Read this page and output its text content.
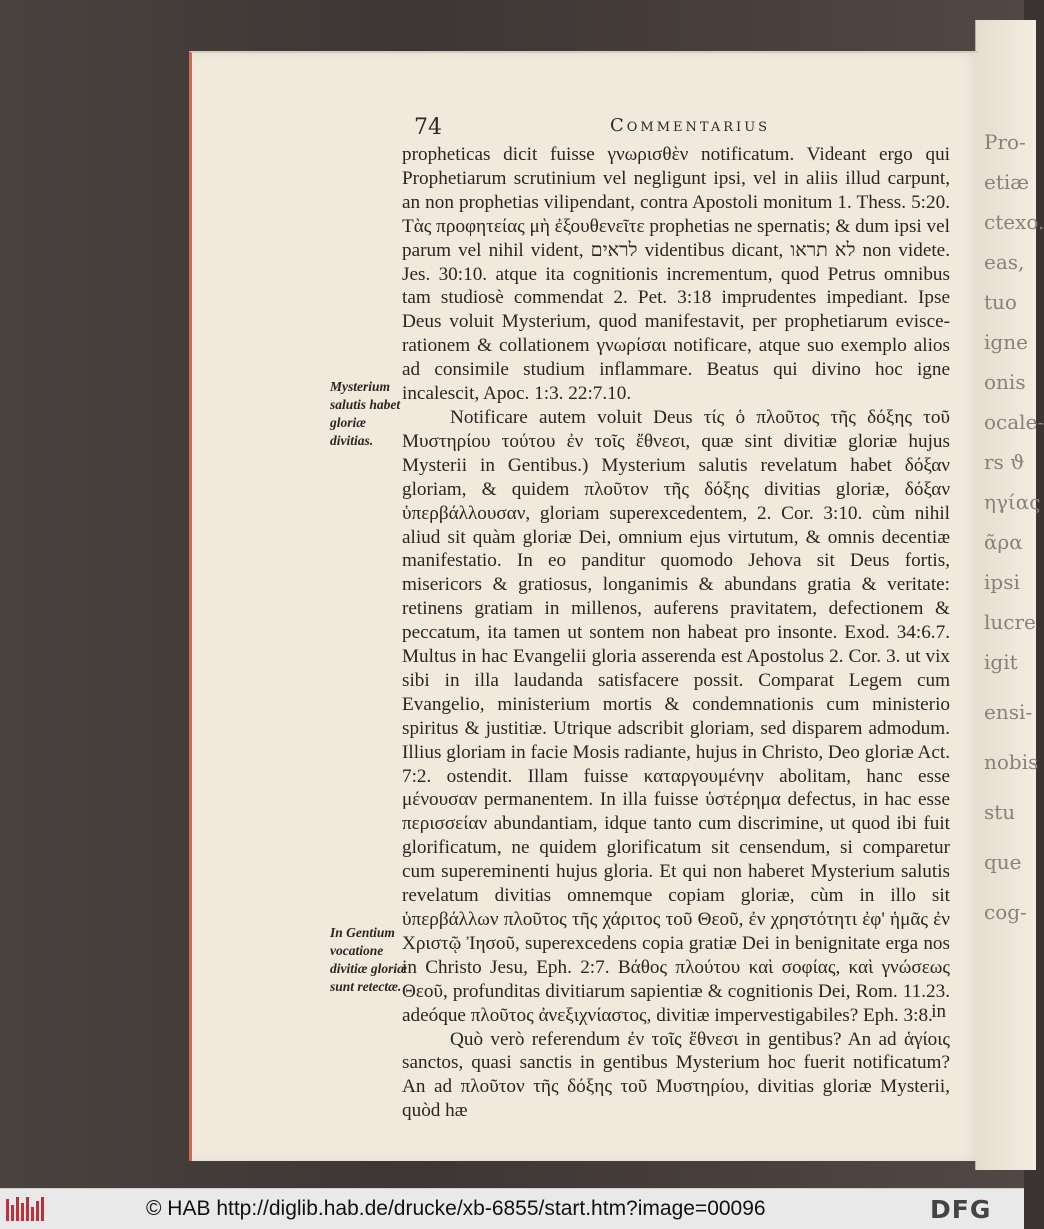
Pro-
etiæ
ctexo.
eas,
tuo
igne
onis
ocale-
rs ϑ
ηγίας
ᾶρα
ipsi
lucre
igit
ensi-
nobis
stu
que
cog-
74	Commentarius

propheticas dicit fuisse γνωρισθὲν notificatum. Videant ergo qui Prophetiarum scrutinium vel negligunt ipsi, vel in aliis illud carpunt, an non prophetias vilipendant, contra Apostoli monitum 1. Thess. 5:20. Τὰς προφητείας μὴ ἐξουθενεῖτε prophetias ne spernatis; & dum ipsi vel parum vel nihil vident, לראים videntibus dicant, לא תראו non videte. Jes. 30:10. atque ita cognitionis incrementum, quod Petrus omnibus tam studiosè commendat 2. Pet. 3:18 imprudentes impediant. Ipse Deus voluit Mysterium, quod manifestavit, per prophetiarum eviscerationem & collationem γνωρίσαι notificare, atque suo exemplo alios ad consimile studium inflammare. Beatus qui divino hoc igne incalescit, Apoc. 1:3. 22:7.10.

Notificare autem voluit Deus τίς ὁ πλοῦτος τῆς δόξης τοῦ Μυστηρίου τούτου ἐν τοῖς ἔθνεσι, quæ sint divitiæ gloriæ hujus Mysterii in Gentibus.) Mysterium salutis revelatum habet δόξαν gloriam, & quidem πλοῦτον τῆς δόξης divitias gloriæ, δόξαν ὑπερβάλλουσαν, gloriam superexcedentem, 2. Cor. 3:10. cùm nihil aliud sit quàm gloriæ Dei, omnium ejus virtutum, & omnis decentiæ manifestatio. In eo panditur quomodo Jehova sit Deus fortis, misericors & gratiosus, longanimis & abundans gratia & veritate: retinens gratiam in millenos, auferens pravitatem, defectionem & peccatum, ita tamen ut sontem non habeat pro insonte. Exod. 34:6.7. Multus in hac Evangelii gloria asserenda est Apostolus 2. Cor. 3. ut vix sibi in illa laudanda satisfacere possit. Comparat Legem cum Evangelio, ministerium mortis & condemnationis cum ministerio spiritus & justitiæ. Utrique adscribit gloriam, sed disparem admodum. Illius gloriam in facie Mosis radiante, hujus in Christo, Deo gloriæ Act. 7:2. ostendit. Illam fuisse καταργουμένην abolitam, hanc esse μένουσαν permanentem. In illa fuisse ὑστέρημα defectus, in hac esse περισσείαν abundantiam, idque tanto cum discrimine, ut quod ibi fuit glorificatum, ne quidem glorificatum sit censendum, si comparetur cum supereminenti hujus gloria. Et qui non haberet Mysterium salutis revelatum divitias omnemque copiam gloriæ, cùm in illo sit ὑπερβάλλων πλοῦτος τῆς χάριτος τοῦ Θεοῦ, ἐν χρηστότητι ἐφ' ἡμᾶς ἐν Χριστῷ Ἰησοῦ, superexcedens copia gratiæ Dei in benignitate erga nos in Christo Jesu, Eph. 2:7. Βάθος πλούτου καὶ σοφίας, καὶ γνώσεως Θεοῦ, profunditas divitiarum sapientiæ & cognitionis Dei, Rom. 11.23. adeóque πλοῦτος ἀνεξιχνίαστος, divitiæ impervestigabiles? Eph. 3:8.

Quò verò referendum ἐν τοῖς ἔθνεσι in gentibus? An ad ἁγίοις sanctos, quasi sanctis in gentibus Mysterium hoc fuerit notificatum? An ad πλοῦτον τῆς δόξης τοῦ Μυστηρίου, divitias gloriæ Mysterii, quòd hæ

in
Mysterium salutis habet gloriæ divitias.
In Gentium vocatione divitiæ gloriæ sunt retectæ.
© HAB http://diglib.hab.de/drucke/xb-6855/start.htm?image=00096	DFG
